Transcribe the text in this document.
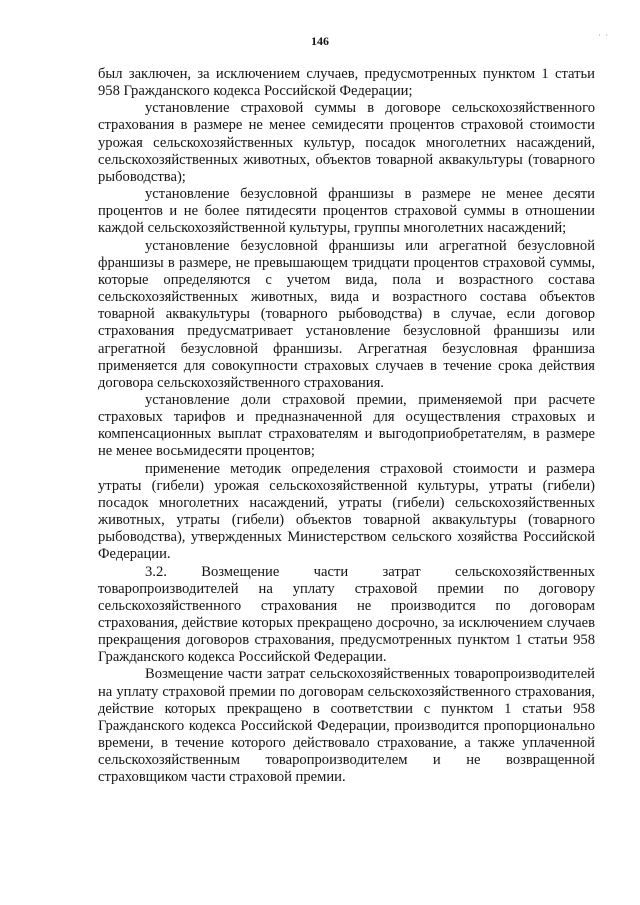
146	˙ ˙

был заключен, за исключением случаев, предусмотренных пунктом 1 статьи 958 Гражданского кодекса Российской Федерации;

установление страховой суммы в договоре сельскохозяйственного страхования в размере не менее семидесяти процентов страховой стоимости урожая сельскохозяйственных культур, посадок многолетних насаждений, сельскохозяйственных животных, объектов товарной аквакультуры (товарного рыбоводства);

установление безусловной франшизы в размере не менее десяти процентов и не более пятидесяти процентов страховой суммы в отношении каждой сельскохозяйственной культуры, группы многолетних насаждений;

установление безусловной франшизы или агрегатной безусловной франшизы в размере, не превышающем тридцати процентов страховой суммы, которые определяются с учетом вида, пола и возрастного состава сельскохозяйственных животных, вида и возрастного состава объектов товарной аквакультуры (товарного рыбоводства) в случае, если договор страхования предусматривает установление безусловной франшизы или агрегатной безусловной франшизы. Агрегатная безусловная франшиза применяется для совокупности страховых случаев в течение срока действия договора сельскохозяйственного страхования.

установление доли страховой премии, применяемой при расчете страховых тарифов и предназначенной для осуществления страховых и компенсационных выплат страхователям и выгодоприобретателям, в размере не менее восьмидесяти процентов;

применение методик определения страховой стоимости и размера утраты (гибели) урожая сельскохозяйственной культуры, утраты (гибели) посадок многолетних насаждений, утраты (гибели) сельскохозяйственных животных, утраты (гибели) объектов товарной аквакультуры (товарного рыбоводства), утвержденных Министерством сельского хозяйства Российской Федерации.

3.2. Возмещение части затрат сельскохозяйственных товаропроизводителей на уплату страховой премии по договору сельскохозяйственного страхования не производится по договорам страхования, действие которых прекращено досрочно, за исключением случаев прекращения договоров страхования, предусмотренных пунктом 1 статьи 958 Гражданского кодекса Российской Федерации.

Возмещение части затрат сельскохозяйственных товаропроизводителей на уплату страховой премии по договорам сельскохозяйственного страхования, действие которых прекращено в соответствии с пунктом 1 статьи 958 Гражданского кодекса Российской Федерации, производится пропорционально времени, в течение которого действовало страхование, а также уплаченной сельскохозяйственным товаропроизводителем и не возвращенной страховщиком части страховой премии.
